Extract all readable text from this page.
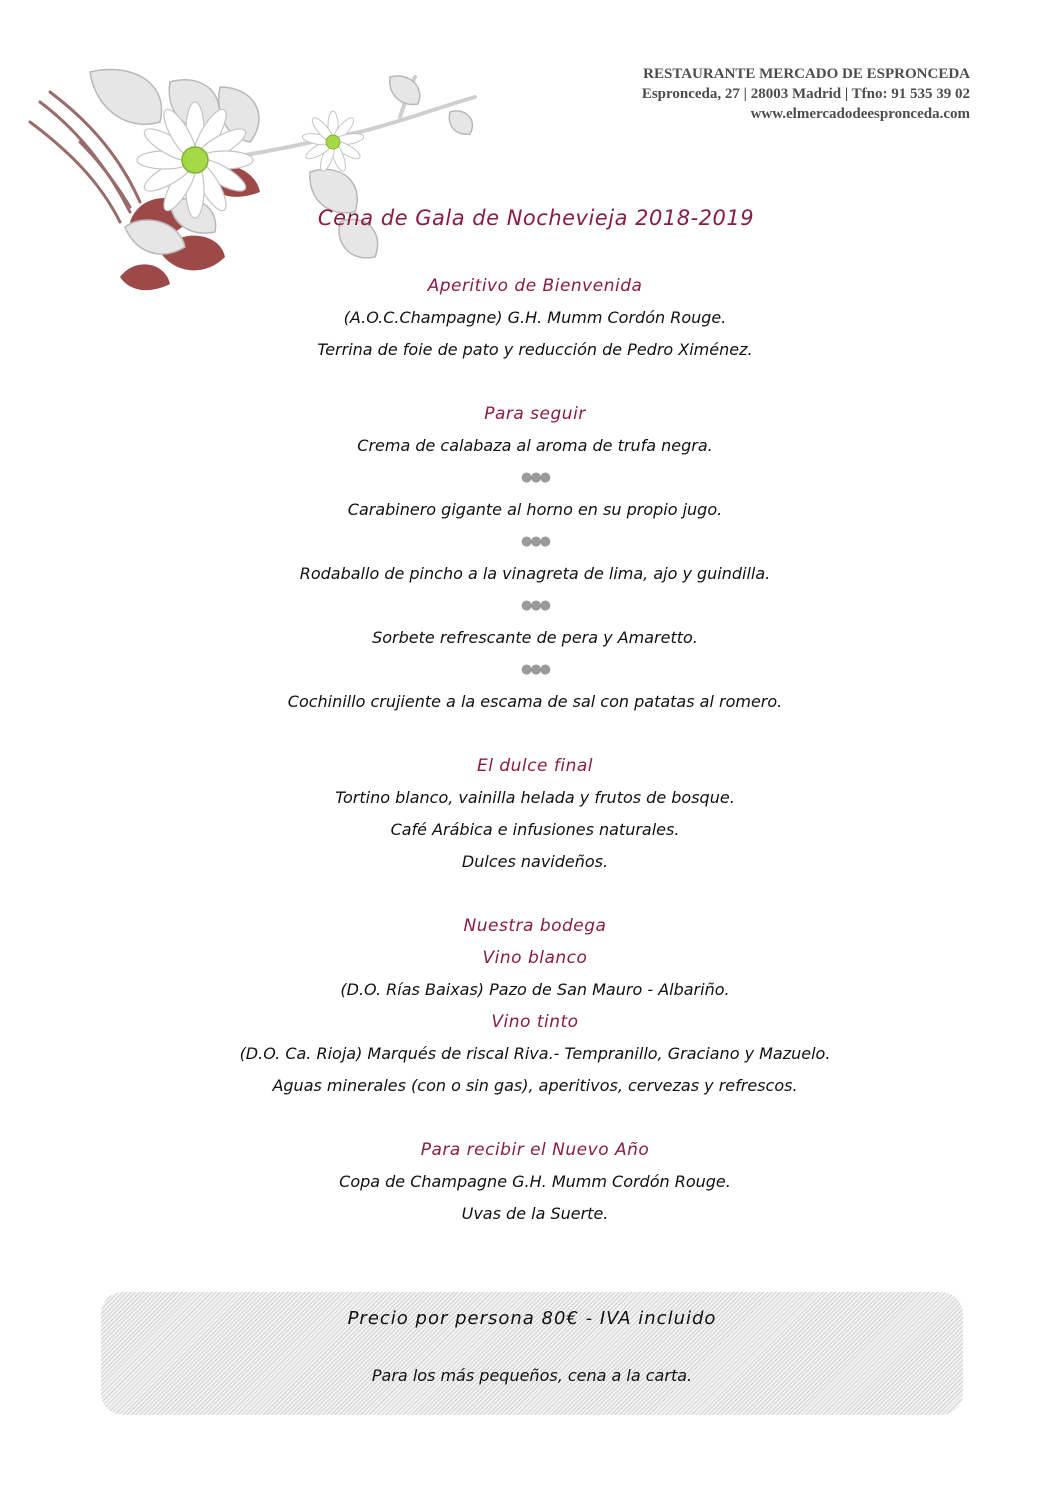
RESTAURANTE MERCADO DE ESPRONCEDA
Espronceda, 27 | 28003 Madrid | Tfno: 91 535 39 02
www.elmercadodeespronceda.com
Cena de Gala de Nochevieja 2018-2019
Aperitivo de Bienvenida
(A.O.C.Champagne) G.H. Mumm Cordón Rouge.
Terrina de foie de pato y reducción de Pedro Ximénez.
Para seguir
Crema de calabaza al aroma de trufa negra.
●●●
Carabinero gigante al horno en su propio jugo.
●●●
Rodaballo de pincho a la vinagreta de lima, ajo y guindilla.
●●●
Sorbete refrescante de pera y Amaretto.
●●●
Cochinillo crujiente a la escama de sal con patatas al romero.
El dulce final
Tortino blanco, vainilla helada y frutos de bosque.
Café Arábica e infusiones naturales.
Dulces navideños.
Nuestra bodega
Vino blanco
(D.O. Rías Baixas) Pazo de San Mauro - Albariño.
Vino tinto
(D.O. Ca. Rioja) Marqués de riscal Riva.- Tempranillo, Graciano y Mazuelo.
Aguas minerales (con o sin gas), aperitivos, cervezas y refrescos.
Para recibir el Nuevo Año
Copa de Champagne G.H. Mumm Cordón Rouge.
Uvas de la Suerte.
Precio por persona 80€ - IVA incluido
Para los más pequeños, cena a la carta.
